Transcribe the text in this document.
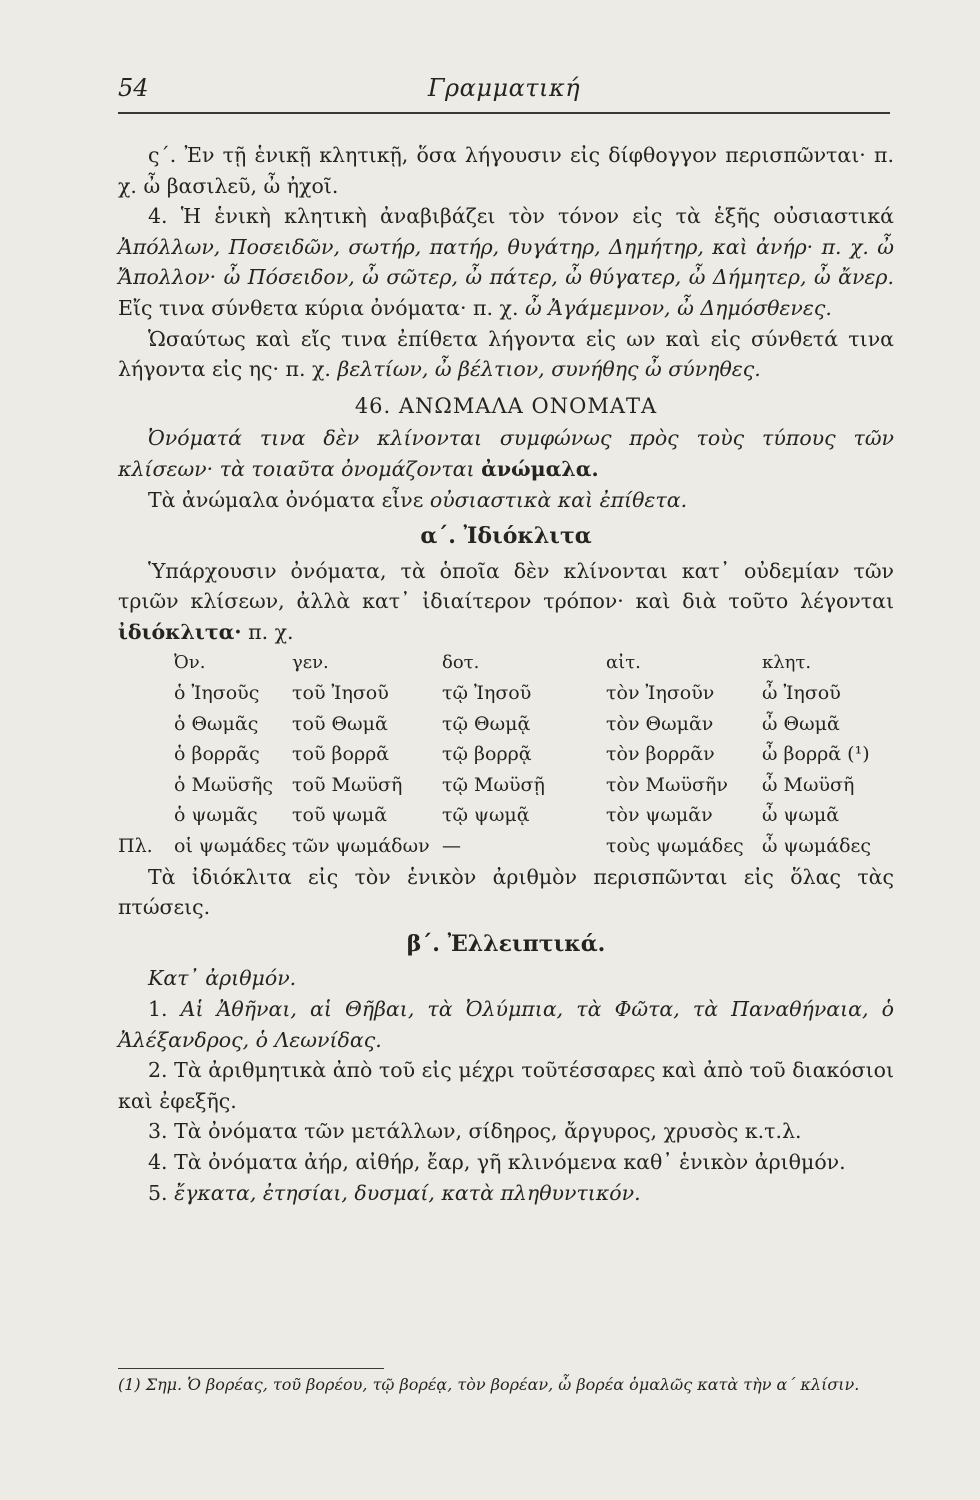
54	Γραμματική

ς΄. Ἐν τῇ ἑνικῇ κλητικῇ, ὅσα λήγουσιν εἰς δίφθογγον περισπῶνται· π. χ. ὦ βασιλεῦ, ὦ ἠχοῖ.

4. Ἡ ἑνικὴ κλητικὴ ἀναβιβάζει τὸν τόνον εἰς τὰ ἑξῆς οὐσιαστικά Ἀπόλλων, Ποσειδῶν, σωτήρ, πατήρ, θυγάτηρ, Δημήτηρ, καὶ ἀνήρ· π. χ. ὦ Ἄπολλον· ὦ Πόσειδον, ὦ σῶτερ, ὦ πάτερ, ὦ θύγατερ, ὦ Δήμητερ, ὦ ἄνερ. Εἴς τινα σύνθετα κύρια ὀνόματα· π. χ. ὦ Ἀγάμεμνον, ὦ Δημόσθενες.

Ὡσαύτως καὶ εἴς τινα ἐπίθετα λήγοντα εἰς ων καὶ εἰς σύνθετά τινα λήγοντα εἰς ης· π. χ. βελτίων, ὦ βέλτιον, συνήθης ὦ σύνηθες.

46. ΑΝΩΜΑΛΑ ΟΝΟΜΑΤΑ

Ὀνόματά τινα δὲν κλίνονται συμφώνως πρὸς τοὺς τύπους τῶν κλίσεων· τὰ τοιαῦτα ὀνομάζονται ἀνώμαλα.

Τὰ ἀνώμαλα ὀνόματα εἶνε οὐσιαστικὰ καὶ ἐπίθετα.

α΄. Ἰδιόκλιτα

Ὑπάρχουσιν ὀνόματα, τὰ ὁποῖα δὲν κλίνονται κατ᾽ οὐδεμίαν τῶν τριῶν κλίσεων, ἀλλὰ κατ᾽ ἰδιαίτερον τρόπον· καὶ διὰ τοῦτο λέγονται ἰδιόκλιτα· π. χ.

	Ὀν.	γεν.	δοτ.	αἰτ.	κλητ.
	ὁ Ἰησοῦς	τοῦ Ἰησοῦ	τῷ Ἰησοῦ	τὸν Ἰησοῦν	ὦ Ἰησοῦ
	ὁ Θωμᾶς	τοῦ Θωμᾶ	τῷ Θωμᾷ	τὸν Θωμᾶν	ὦ Θωμᾶ
	ὁ βορρᾶς	τοῦ βορρᾶ	τῷ βορρᾷ	τὸν βορρᾶν	ὦ βορρᾶ (¹)
	ὁ Μωϋσῆς	τοῦ Μωϋσῆ	τῷ Μωϋσῇ	τὸν Μωϋσῆν	ὦ Μωϋσῆ
	ὁ ψωμᾶς	τοῦ ψωμᾶ	τῷ ψωμᾷ	τὸν ψωμᾶν	ὦ ψωμᾶ
Πλ.	οἱ ψωμάδες	τῶν ψωμάδων	—	τοὺς ψωμάδες	ὦ ψωμάδες

Τὰ ἰδιόκλιτα εἰς τὸν ἑνικὸν ἀριθμὸν περισπῶνται εἰς ὅλας τὰς πτώσεις.

β΄. Ἐλλειπτικά.

Κατ᾽ ἀριθμόν.

1. Αἱ Ἀθῆναι, αἱ Θῆβαι, τὰ Ὀλύμπια, τὰ Φῶτα, τὰ Παναθήναια, ὁ Ἀλέξανδρος, ὁ Λεωνίδας.

2. Τὰ ἀριθμητικὰ ἀπὸ τοῦ εἰς μέχρι τοῦτέσσαρες καὶ ἀπὸ τοῦ διακόσιοι καὶ ἐφεξῆς.

3. Τὰ ὀνόματα τῶν μετάλλων, σίδηρος, ἄργυρος, χρυσὸς κ.τ.λ.

4. Τὰ ὀνόματα ἀήρ, αἰθήρ, ἔαρ, γῆ κλινόμενα καθ᾽ ἑνικὸν ἀριθμόν.

5. ἔγκατα, ἐτησίαι, δυσμαί, κατὰ πληθυντικόν.

(1) Σημ. Ὁ βορέας, τοῦ βορέου, τῷ βορέᾳ, τὸν βορέαν, ὦ βορέα ὁμαλῶς κατὰ τὴν α΄ κλίσιν.
